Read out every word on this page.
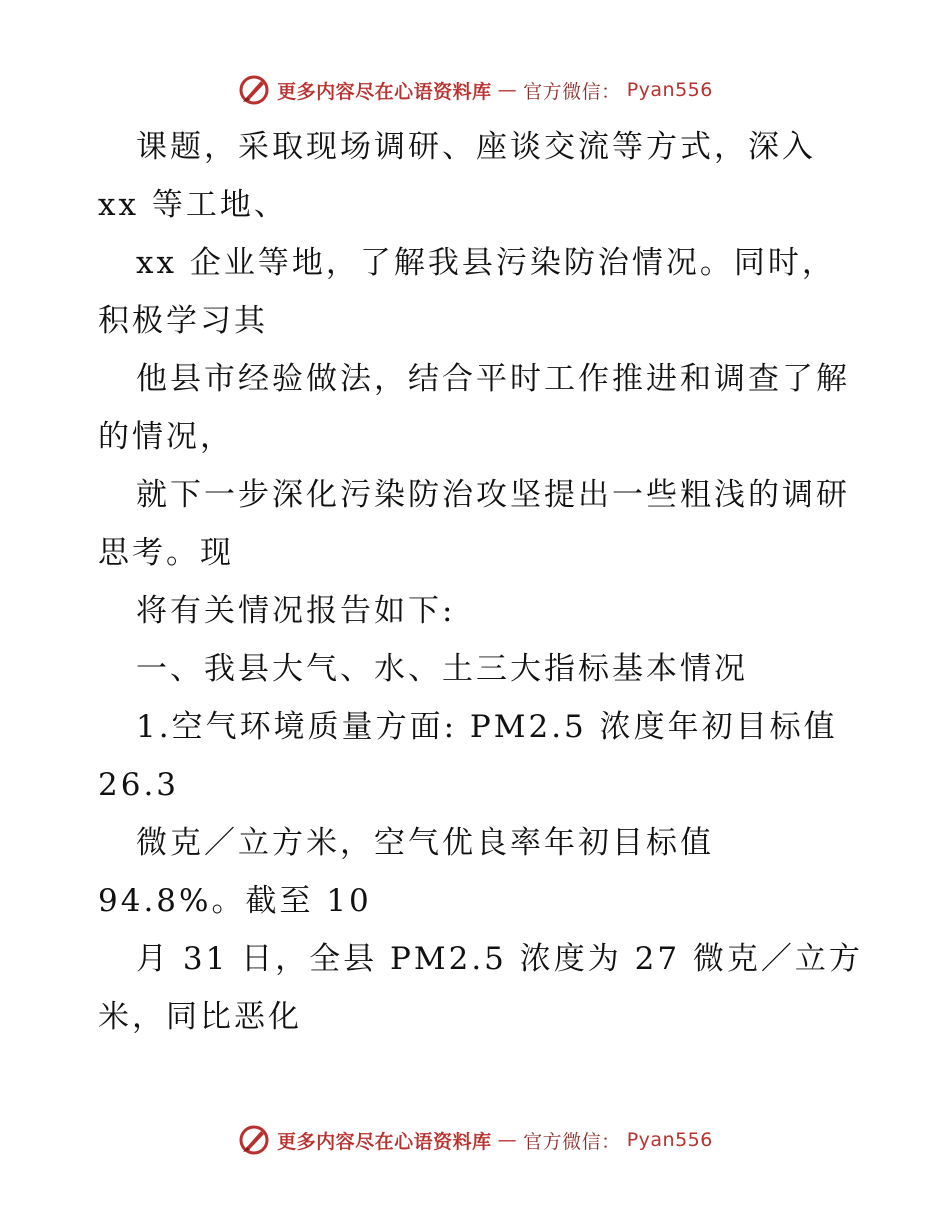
更多内容尽在心语资料库 — 官方微信： Pyan556
课题，采取现场调研、座谈交流等方式，深入
xx 等工地、
xx 企业等地，了解我县污染防治情况。同时，
积极学习其
他县市经验做法，结合平时工作推进和调查了解
的情况，
就下一步深化污染防治攻坚提出一些粗浅的调研
思考。现
将有关情况报告如下:
一、我县大气、水、土三大指标基本情况
1.空气环境质量方面: PM2.5 浓度年初目标值
26.3
微克／立方米，空气优良率年初目标值
94.8%。截至 10
月 31 日，全县 PM2.5 浓度为 27 微克／立方
米，同比恶化
更多内容尽在心语资料库 — 官方微信： Pyan556
